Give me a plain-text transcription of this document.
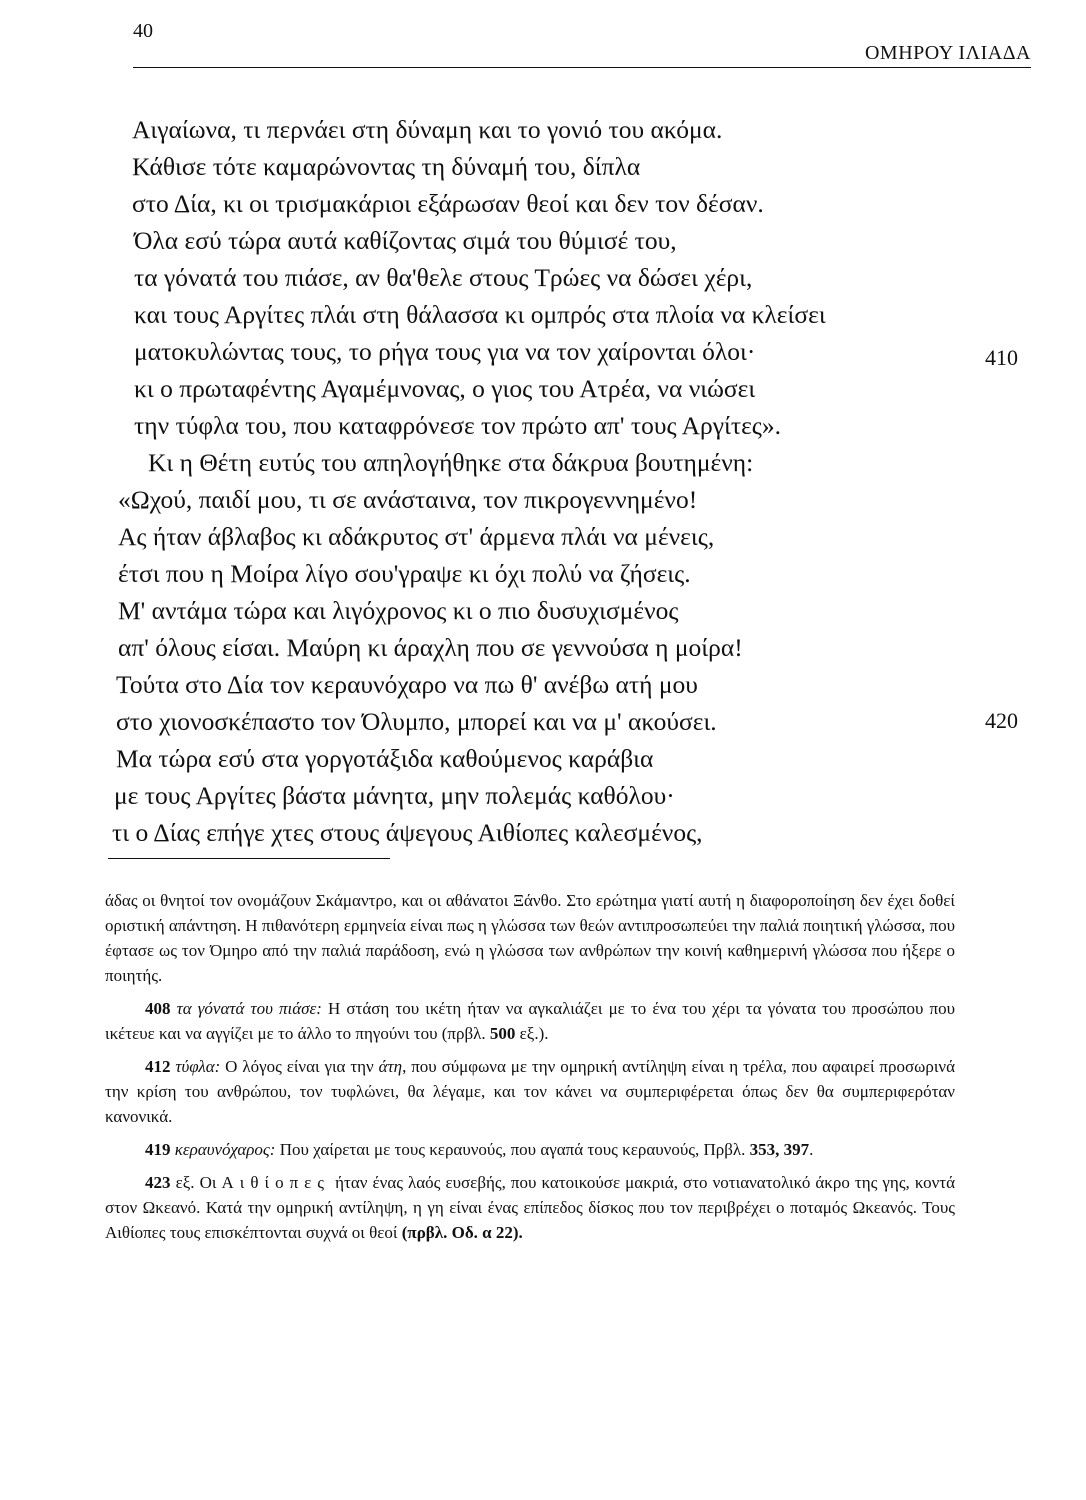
40
ΟΜΗΡΟΥ ΙΛΙΑΔΑ
Αιγαίωνα, τι περνάει στη δύναμη και το γονιό του ακόμα.
Κάθισε τότε καμαρώνοντας τη δύναμή του, δίπλα
στο Δία, κι οι τρισμακάριοι εξάρωσαν θεοί και δεν τον δέσαν.
Όλα εσύ τώρα αυτά καθίζοντας σιμά του θύμισέ του,
τα γόνατά του πιάσε, αν θα'θελε στους Τρώες να δώσει χέρι,
και τους Αργίτες πλάι στη θάλασσα κι ομπρός στα πλοία να κλείσει
ματοκυλώντας τους, το ρήγα τους για να τον χαίρονται όλοι·
κι ο πρωταφέντης Αγαμέμνονας, ο γιος του Ατρέα, να νιώσει
την τύφλα του, που καταφρόνεσε τον πρώτο απ' τους Αργίτες».
Κι η Θέτη ευτύς του απηλογήθηκε στα δάκρυα βουτημένη:
«Ωχού, παιδί μου, τι σε ανάσταινα, τον πικρογεννημένο!
Ας ήταν άβλαβος κι αδάκρυτος στ' άρμενα πλάι να μένεις,
έτσι που η Μοίρα λίγο σου'γραψε κι όχι πολύ να ζήσεις.
Μ' αντάμα τώρα και λιγόχρονος κι ο πιο δυσυχισμένος
απ' όλους είσαι. Μαύρη κι άραχλη που σε γεννούσα η μοίρα!
Τούτα στο Δία τον κεραυνόχαρο να πω θ' ανέβω ατή μου
στο χιονοσκέπαστο τον Όλυμπο, μπορεί και να μ' ακούσει.
Μα τώρα εσύ στα γοργοτάξιδα καθούμενος καράβια
με τους Αργίτες βάστα μάνητα, μην πολεμάς καθόλου·
τι ο Δίας επήγε χτες στους άψεγους Αιθίοπες καλεσμένος,
410
420

άδας οι θνητοί τον ονομάζουν Σκάμαντρο, και οι αθάνατοι Ξάνθο. Στο ερώτημα γιατί αυτή η διαφοροποίηση δεν έχει δοθεί οριστική απάντηση. Η πιθανότερη ερμηνεία είναι πως η γλώσσα των θεών αντιπροσωπεύει την παλιά ποιητική γλώσσα, που έφτασε ως τον Όμηρο από την παλιά παράδοση, ενώ η γλώσσα των ανθρώπων την κοινή καθημερινή γλώσσα που ήξερε ο ποιητής.

408 τα γόνατά του πιάσε: Η στάση του ικέτη ήταν να αγκαλιάζει με το ένα του χέρι τα γόνατα του προσώπου που ικέτευε και να αγγίζει με το άλλο το πηγούνι του (πρβλ. 500 εξ.).

412 τύφλα: Ο λόγος είναι για την άτη, που σύμφωνα με την ομηρική αντίληψη είναι η τρέλα, που αφαιρεί προσωρινά την κρίση του ανθρώπου, τον τυφλώνει, θα λέγαμε, και τον κάνει να συμπεριφέρεται όπως δεν θα συμπεριφερόταν κανονικά.

419 κεραυνόχαρος: Που χαίρεται με τους κεραυνούς, που αγαπά τους κεραυνούς, Πρβλ. 353, 397.

423 εξ. Οι Αιθίοπες ήταν ένας λαός ευσεβής, που κατοικούσε μακριά, στο νοτιανατολικό άκρο της γης, κοντά στον Ωκεανό. Κατά την ομηρική αντίληψη, η γη είναι ένας επίπεδος δίσκος που τον περιβρέχει ο ποταμός Ωκεανός. Τους Αιθίοπες τους επισκέπτονται συχνά οι θεοί (πρβλ. Οδ. α 22).
